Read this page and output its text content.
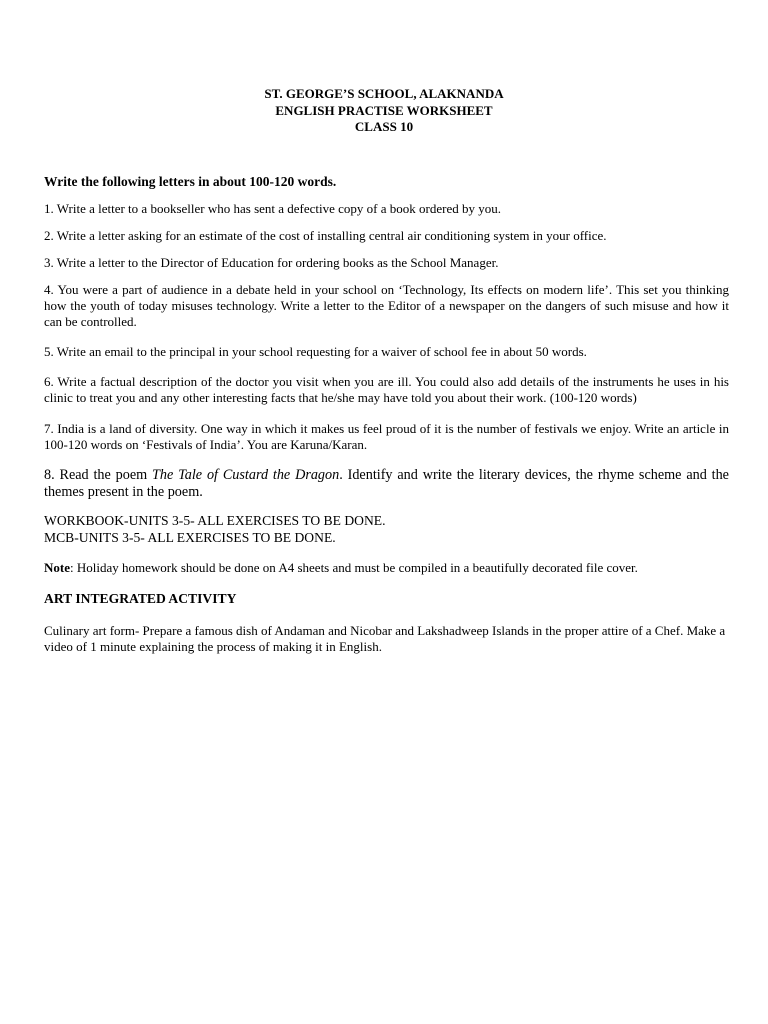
ST. GEORGE’S SCHOOL, ALAKNANDA
ENGLISH PRACTISE WORKSHEET
CLASS 10

Write the following letters in about 100-120 words.

1. Write a letter to a bookseller who has sent a defective copy of a book ordered by you.

2. Write a letter asking for an estimate of the cost of installing central air conditioning system in your office.

3. Write a letter to the Director of Education for ordering books as the School Manager.

4. You were a part of audience in a debate held in your school on ‘Technology, Its effects on modern life’. This set you thinking how the youth of today misuses technology. Write a letter to the Editor of a newspaper on the dangers of such misuse and how it can be controlled.

5. Write an email to the principal in your school requesting for a waiver of school fee in about 50 words.

6. Write a factual description of the doctor you visit when you are ill. You could also add details of the instruments he uses in his clinic to treat you and any other interesting facts that he/she may have told you about their work. (100-120 words)

7. India is a land of diversity. One way in which it makes us feel proud of it is the number of festivals we enjoy. Write an article in 100-120 words on ‘Festivals of India’. You are Karuna/Karan.

8. Read the poem The Tale of Custard the Dragon. Identify and write the literary devices, the rhyme scheme and the themes present in the poem.

WORKBOOK-UNITS 3-5- ALL EXERCISES TO BE DONE.
MCB-UNITS 3-5- ALL EXERCISES TO BE DONE.

Note: Holiday homework should be done on A4 sheets and must be compiled in a beautifully decorated file cover.

ART INTEGRATED ACTIVITY

Culinary art form- Prepare a famous dish of Andaman and Nicobar and Lakshadweep Islands in the proper attire of a Chef. Make a video of 1 minute explaining the process of making it in English.
